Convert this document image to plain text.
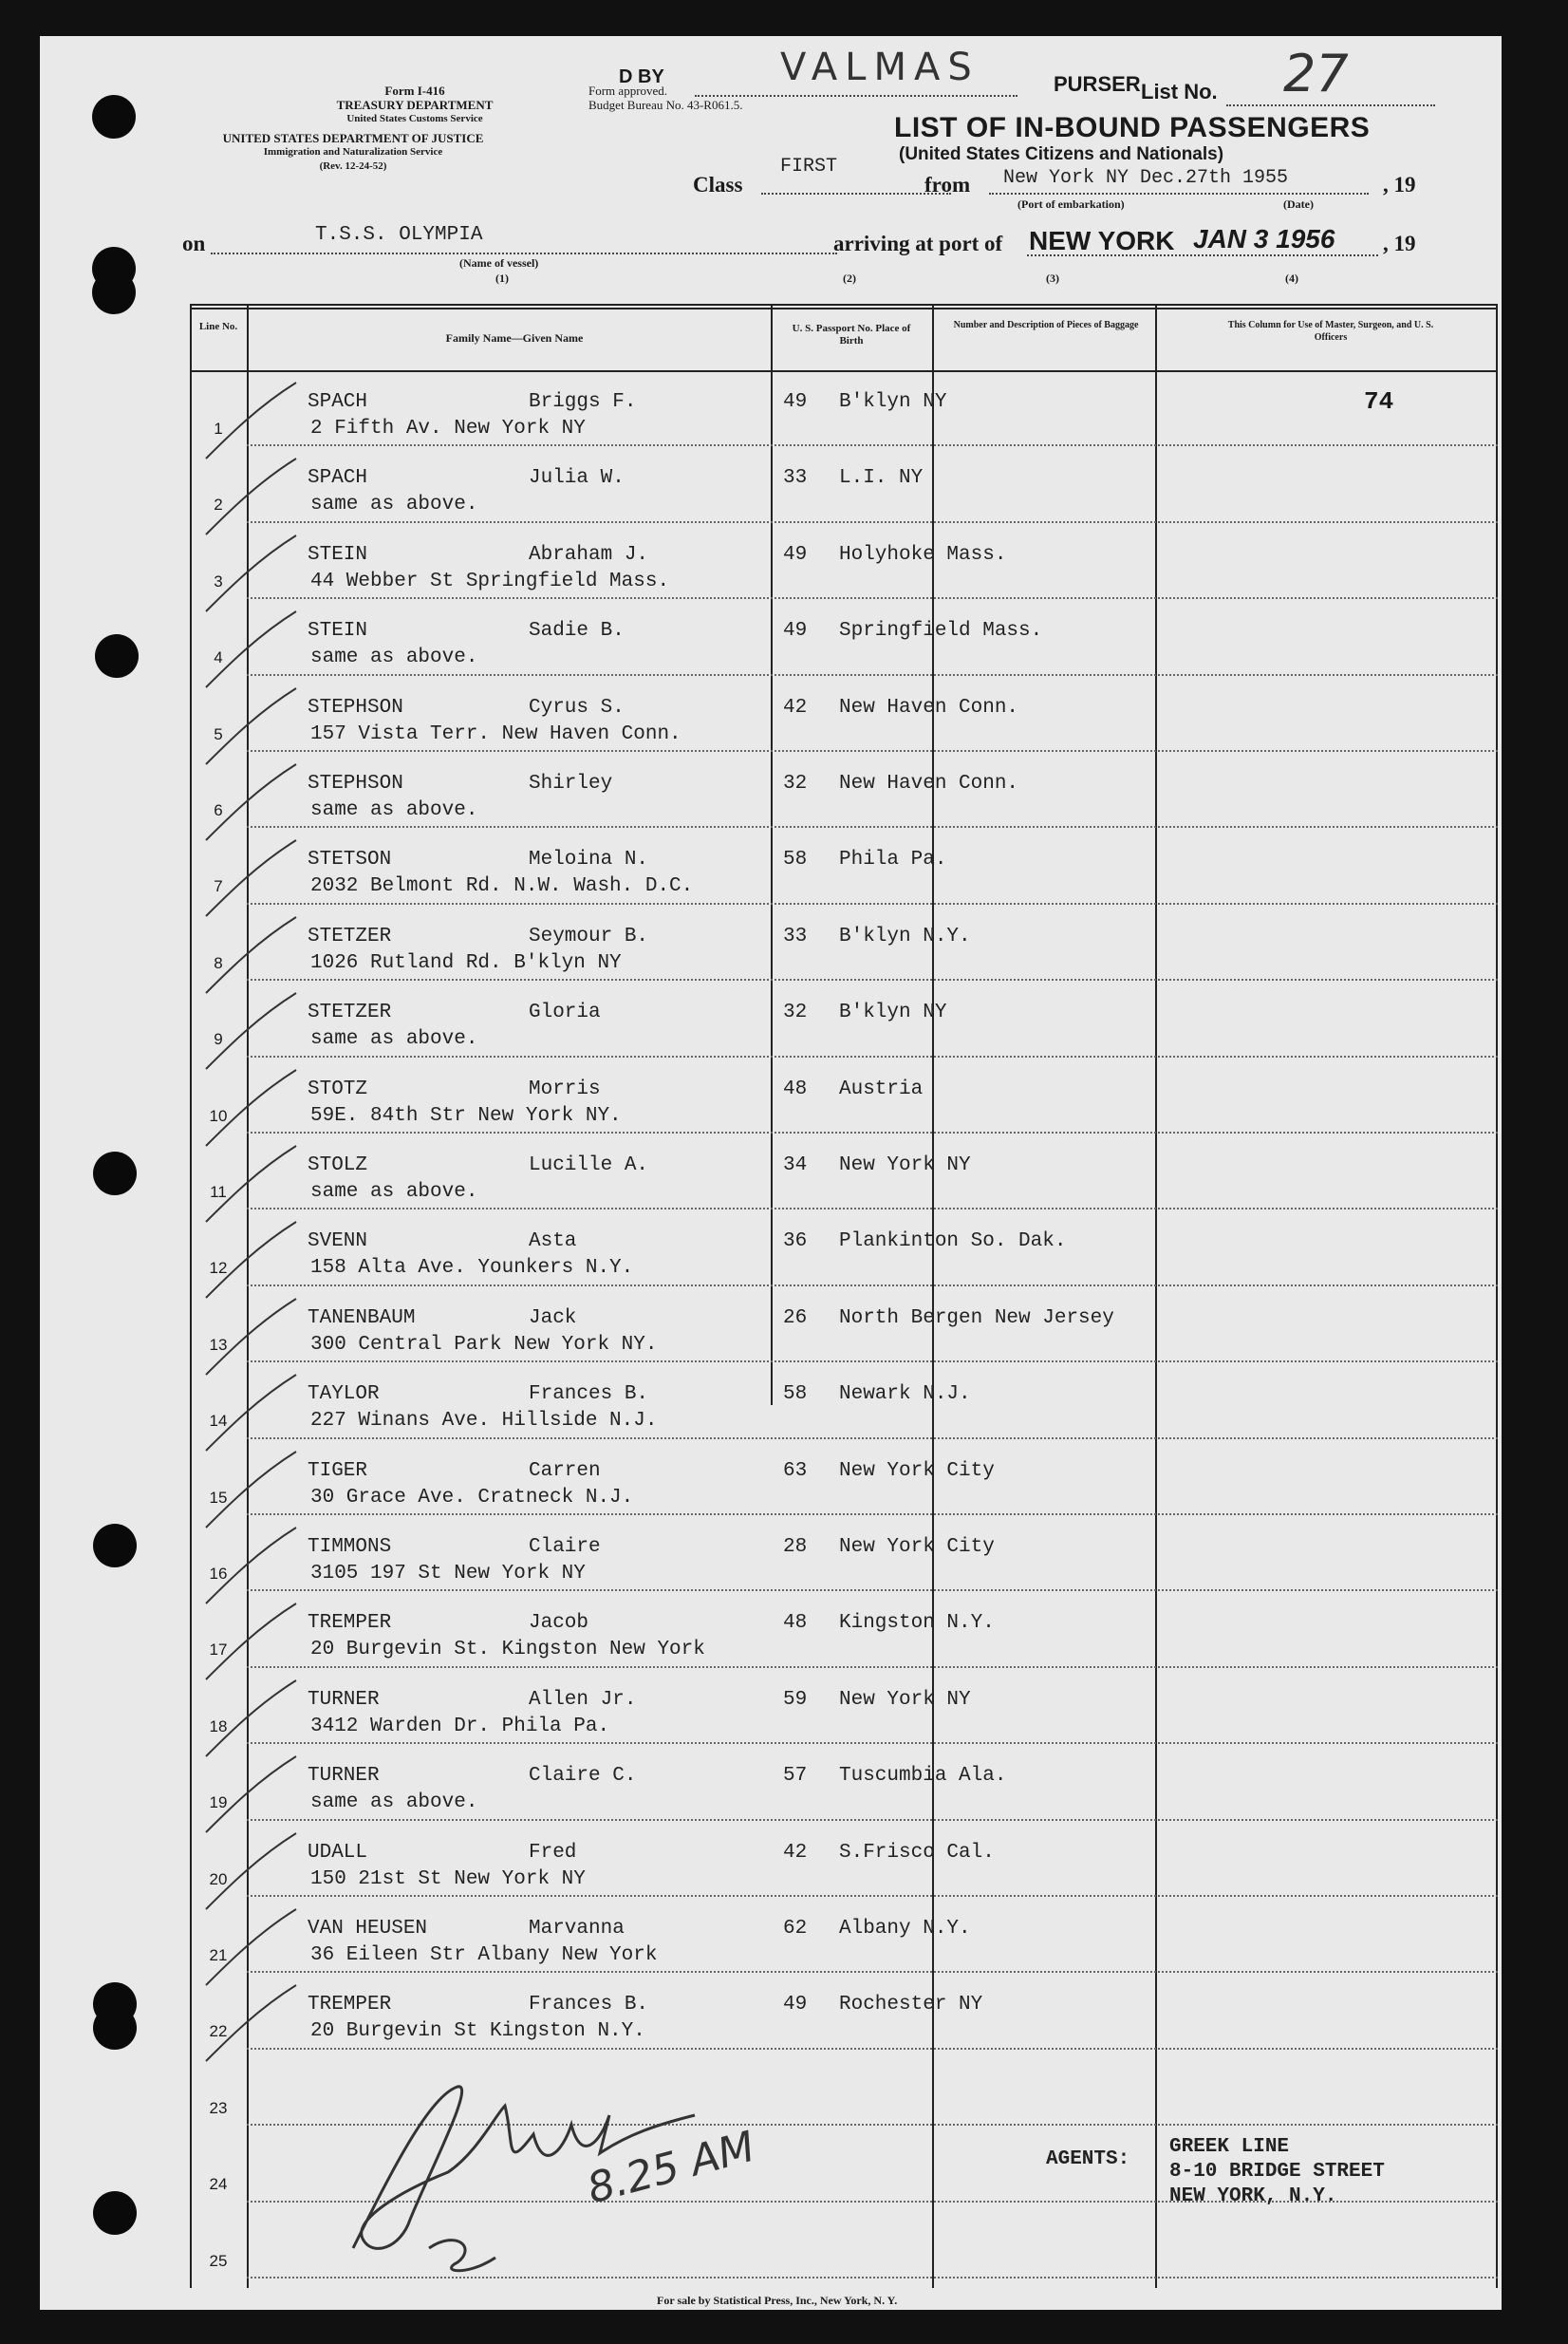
Form I-416
TREASURY DEPARTMENT
United States Customs Service
UNITED STATES DEPARTMENT OF JUSTICE
Immigration and Naturalization Service
(Rev. 12-24-52)
Form approved.
Budget Bureau No. 43-R061.5.
D BY	VALMAS	PURSER List No. 27
LIST OF IN-BOUND PASSENGERS
(United States Citizens and Nationals)
Class
FIRST
from New York NY Dec.27th 1955	, 19
(Port of embarkation)	(Date)
on	T.S.S. OLYMPIA
(Name of vessel)
arriving at port of NEW YORK JAN 3 1956 , 19
(1)	(2)	(3)	(4)
Line No.
Family Name—Given Name
U. S. Passport No. Place of Birth
Number and Description of Pieces of Baggage	This Column for Use of Master, Surgeon, and U. S. Officers
74
1
SPACH	Briggs F.	49 B'klyn NY
2 Fifth Av. New York NY
2
SPACH	Julia W.	33 L.I. NY
same as above.
3
STEIN	Abraham J.	49 Holyhoke Mass.
44 Webber St Springfield Mass.
4
STEIN	Sadie B.	49 Springfield Mass.
same as above.
5
STEPHSON	Cyrus S.	42 New Haven Conn.
157 Vista Terr. New Haven Conn.
6
STEPHSON	Shirley	32 New Haven Conn.
same as above.
7
STETSON	Meloina N.	58 Phila Pa.
2032 Belmont Rd. N.W. Wash. D.C.
8
STETZER	Seymour B.	33 B'klyn N.Y.
1026 Rutland Rd. B'klyn NY
9
STETZER	Gloria	32 B'klyn NY
same as above.
10
STOTZ	Morris	48 Austria
59E. 84th Str New York NY.
11
STOLZ	Lucille A.	34 New York NY
same as above.
12
SVENN	Asta	36 Plankinton So. Dak.
158 Alta Ave. Younkers N.Y.
13
TANENBAUM	Jack	26 North Bergen New Jersey
300 Central Park New York NY.
14
TAYLOR	Frances B.	58 Newark N.J.
227 Winans Ave. Hillside N.J.
15
TIGER	Carren	63 New York City
30 Grace Ave. Cratneck N.J.
16
TIMMONS	Claire	28 New York City
3105 197 St New York NY
17
TREMPER	Jacob	48 Kingston N.Y.
20 Burgevin St. Kingston New York
18
TURNER	Allen Jr.	59 New York NY
3412 Warden Dr. Phila Pa.
19
TURNER	Claire C.	57 Tuscumbia Ala.
same as above.
20
UDALL	Fred	42 S.Frisco Cal.
150 21st St New York NY
21
VAN HEUSEN	Marvanna	62 Albany N.Y.
36 Eileen Str Albany New York
22
TREMPER	Frances B.	49 Rochester NY
20 Burgevin St Kingston N.Y.
23
24
25
8.25 AM	AGENTS:
GREEK LINE
8-10 BRIDGE STREET
NEW YORK, N.Y.
For sale by Statistical Press, Inc., New York, N. Y.
